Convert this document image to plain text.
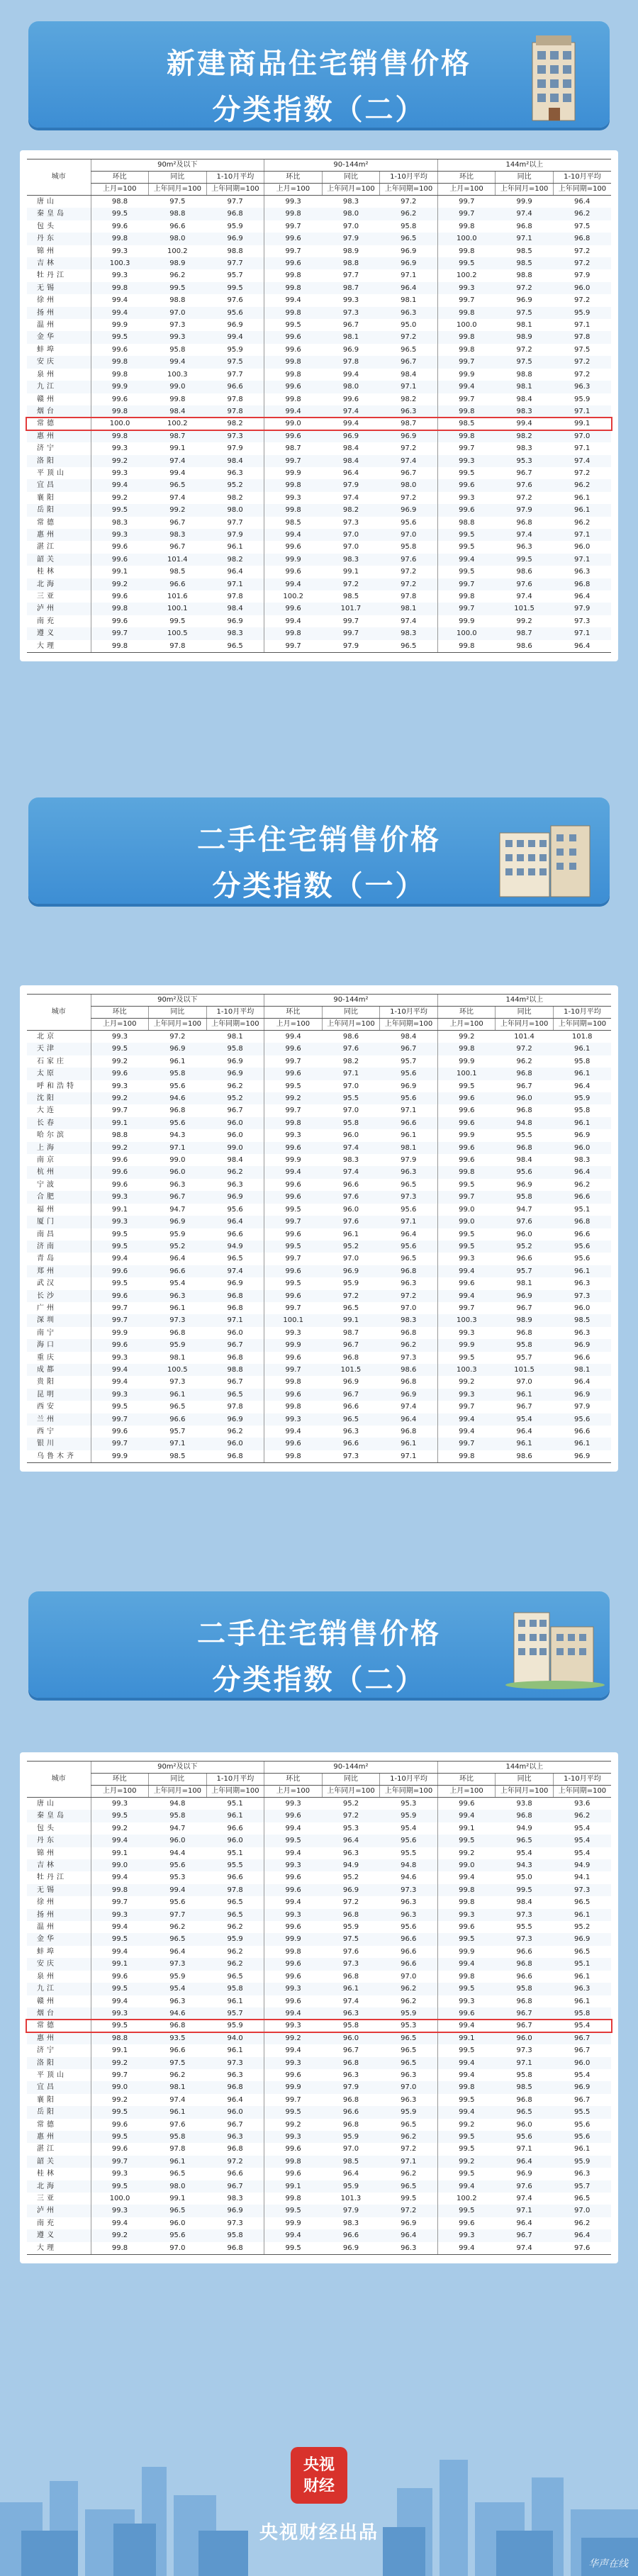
新建商品住宅销售价格
分类指数（二）
城市	90m²及以下			90-144m²			144m²以上		
	环比	同比	1-10月平均	环比	同比	1-10月平均	环比	同比	1-10月平均
	上月=100	上年同月=100	上年同期=100	上月=100	上年同月=100	上年同期=100	上月=100	上年同月=100	上年同期=100
唐山	98.8	97.5	97.7	99.3	98.3	97.2	99.7	99.9	96.4
秦皇岛	99.5	98.8	96.8	99.8	98.0	96.2	99.7	97.4	96.2
包头	99.6	96.6	95.9	99.7	97.0	95.8	99.8	96.8	97.5
丹东	99.8	98.0	96.9	99.6	97.9	96.5	100.0	97.1	96.8
锦州	99.3	100.2	98.8	99.7	98.9	96.9	99.8	98.5	97.2
吉林	100.3	98.9	97.7	99.6	98.8	96.9	99.5	98.5	97.2
牡丹江	99.3	96.2	95.7	99.8	97.7	97.1	100.2	98.8	97.9
无锡	99.8	99.5	99.5	99.8	98.7	96.4	99.3	97.2	96.0
徐州	99.4	98.8	97.6	99.4	99.3	98.1	99.7	96.9	97.2
扬州	99.4	97.0	95.6	99.8	97.3	96.3	99.8	97.5	95.9
温州	99.9	97.3	96.9	99.5	96.7	95.0	100.0	98.1	97.1
金华	99.5	99.3	99.4	99.6	98.1	97.2	99.8	98.9	97.8
蚌埠	99.6	95.8	95.9	99.6	96.9	96.5	99.8	97.2	97.5
安庆	99.8	99.4	97.5	99.8	97.8	96.7	99.7	97.5	97.2
泉州	99.8	100.3	97.7	99.8	99.4	98.4	99.9	98.8	97.2
九江	99.9	99.0	96.6	99.6	98.0	97.1	99.4	98.1	96.3
赣州	99.6	99.8	97.8	99.8	99.6	98.2	99.7	98.4	95.9
烟台	99.8	98.4	97.8	99.4	97.4	96.3	99.8	98.3	97.1
常德	100.0	100.2	98.2	99.0	99.4	98.7	98.5	99.4	99.1
惠州	99.8	98.7	97.3	99.6	96.9	96.9	99.8	98.2	97.0
济宁	99.3	99.1	97.9	98.7	98.4	97.2	99.7	98.3	97.1
洛阳	99.2	97.4	98.4	99.7	98.4	97.4	99.3	95.3	97.4
平顶山	99.3	99.4	96.3	99.9	96.4	96.7	99.5	96.7	97.2
宜昌	99.4	96.5	95.2	99.8	97.9	98.0	99.6	97.6	96.2
襄阳	99.2	97.4	98.2	99.3	97.4	97.2	99.3	97.2	96.1
岳阳	99.5	99.2	98.0	99.8	98.2	96.9	99.6	97.9	96.1
常德	98.3	96.7	97.7	98.5	97.3	95.6	98.8	96.8	96.2
惠州	99.3	98.3	97.9	99.4	97.0	97.0	99.5	97.4	97.1
湛江	99.6	96.7	96.1	99.6	97.0	95.8	99.5	96.3	96.0
韶关	99.6	101.4	98.2	99.9	98.3	97.6	99.4	99.5	97.1
桂林	99.1	98.5	96.4	99.6	99.1	97.2	99.5	98.6	96.3
北海	99.2	96.6	97.1	99.4	97.2	97.2	99.7	97.6	96.8
三亚	99.6	101.6	97.8	100.2	98.5	97.8	99.8	97.4	96.4
泸州	99.8	100.1	98.4	99.6	101.7	98.1	99.7	101.5	97.9
南充	99.6	99.5	96.9	99.4	99.7	97.4	99.9	99.2	97.3
遵义	99.7	100.5	98.3	99.8	99.7	98.3	100.0	98.7	97.1
大理	99.8	97.8	96.5	99.7	97.9	96.5	99.8	98.6	96.4
二手住宅销售价格
分类指数（一）
城市	90m²及以下			90-144m²			144m²以上		
	环比	同比	1-10月平均	环比	同比	1-10月平均	环比	同比	1-10月平均
	上月=100	上年同月=100	上年同期=100	上月=100	上年同月=100	上年同期=100	上月=100	上年同月=100	上年同期=100
北京	99.3	97.2	98.1	99.4	98.6	98.4	99.2	101.4	101.8
天津	99.5	96.9	95.8	99.6	97.6	96.7	99.8	97.2	96.1
石家庄	99.2	96.1	96.9	99.7	98.2	95.7	99.9	96.2	95.8
太原	99.6	95.8	96.9	99.6	97.1	95.6	100.1	96.8	96.1
呼和浩特	99.3	95.6	96.2	99.5	97.0	96.9	99.5	96.7	96.4
沈阳	99.2	94.6	95.2	99.2	95.5	95.6	99.6	96.0	95.9
大连	99.7	96.8	96.7	99.7	97.0	97.1	99.6	96.8	95.8
长春	99.1	95.6	96.0	99.8	95.8	96.6	99.6	94.8	96.1
哈尔滨	98.8	94.3	96.0	99.3	96.0	96.1	99.9	95.5	96.9
上海	99.2	97.1	99.0	99.6	97.4	98.1	99.6	96.8	96.0
南京	99.6	99.0	98.4	99.9	98.3	97.9	99.6	98.4	98.3
杭州	99.6	96.0	96.2	99.4	97.4	96.3	99.8	95.6	96.4
宁波	99.6	96.3	96.3	99.6	96.6	96.5	99.5	96.9	96.2
合肥	99.3	96.7	96.9	99.6	97.6	97.3	99.7	95.8	96.6
福州	99.1	94.7	95.6	99.5	96.0	95.6	99.0	94.7	95.1
厦门	99.3	96.9	96.4	99.7	97.6	97.1	99.0	97.6	96.8
南昌	99.5	95.9	96.6	99.6	96.1	96.4	99.5	96.0	96.6
济南	99.5	95.2	94.9	99.5	95.2	95.6	99.5	95.2	95.6
青岛	99.4	96.4	96.5	99.7	97.0	96.5	99.3	96.6	95.6
郑州	99.6	96.6	97.4	99.6	96.9	96.8	99.4	95.7	96.1
武汉	99.5	95.4	96.9	99.5	95.9	96.3	99.6	98.1	96.3
长沙	99.6	96.3	96.8	99.6	97.2	97.2	99.4	96.9	97.3
广州	99.7	96.1	96.8	99.7	96.5	97.0	99.7	96.7	96.0
深圳	99.7	97.3	97.1	100.1	99.1	98.3	100.3	98.9	98.5
南宁	99.9	96.8	96.0	99.3	98.7	96.8	99.3	96.8	96.3
海口	99.6	95.9	96.7	99.9	96.7	96.2	99.9	95.8	96.9
重庆	99.3	98.1	96.8	99.6	96.8	97.3	99.5	95.7	96.6
成都	99.4	100.5	98.8	99.7	101.5	98.6	100.3	101.5	98.1
贵阳	99.4	97.3	96.7	99.8	96.9	96.8	99.2	97.0	96.4
昆明	99.3	96.1	96.5	99.6	96.7	96.9	99.3	96.1	96.9
西安	99.5	96.5	97.8	99.8	96.6	97.4	99.7	96.7	97.9
兰州	99.7	96.6	96.9	99.3	96.5	96.4	99.4	95.4	95.6
西宁	99.6	95.7	96.2	99.4	96.3	96.8	99.4	96.4	96.6
银川	99.7	97.1	96.0	99.6	96.6	96.1	99.7	96.1	96.1
乌鲁木齐	99.9	98.5	96.8	99.8	97.3	97.1	99.8	98.6	96.9
二手住宅销售价格
分类指数（二）
城市	90m²及以下			90-144m²			144m²以上		
	环比	同比	1-10月平均	环比	同比	1-10月平均	环比	同比	1-10月平均
	上月=100	上年同月=100	上年同期=100	上月=100	上年同月=100	上年同期=100	上月=100	上年同月=100	上年同期=100
唐山	99.3	94.8	95.1	99.3	95.2	95.3	99.6	93.8	93.6
秦皇岛	99.5	95.8	96.1	99.6	97.2	95.9	99.4	96.8	96.2
包头	99.2	94.7	96.6	99.4	95.3	95.4	99.1	94.9	95.4
丹东	99.4	96.0	96.0	99.5	96.4	95.6	99.5	96.5	95.4
锦州	99.1	94.4	95.1	99.4	96.3	95.5	99.2	95.4	95.4
吉林	99.0	95.6	95.5	99.3	94.9	94.8	99.0	94.3	94.9
牡丹江	99.4	95.3	96.6	99.6	95.2	94.6	99.4	95.0	94.1
无锡	99.8	99.4	97.8	99.6	96.9	97.3	99.8	99.5	97.3
徐州	99.7	95.6	96.5	99.4	97.2	96.3	99.8	98.4	96.5
扬州	99.3	97.7	96.5	99.3	96.8	96.3	99.3	97.3	96.1
温州	99.4	96.2	96.2	99.6	95.9	95.6	99.6	95.5	95.2
金华	99.5	96.5	95.9	99.9	97.5	96.6	99.5	97.3	96.9
蚌埠	99.4	96.4	96.2	99.8	97.6	96.6	99.9	96.6	96.5
安庆	99.1	97.3	96.2	99.6	97.3	96.6	99.4	96.8	95.1
泉州	99.6	95.9	96.5	99.6	96.8	97.0	99.8	96.6	96.1
九江	99.5	95.4	95.8	99.3	96.1	96.2	99.5	95.8	96.3
赣州	99.4	96.3	96.1	99.6	97.4	96.2	99.3	96.8	96.1
烟台	99.3	94.6	95.7	99.4	96.3	95.9	99.6	96.7	95.8
常德	99.5	96.8	95.9	99.3	95.8	95.3	99.4	96.7	95.4
惠州	98.8	93.5	94.0	99.2	96.0	96.5	99.1	96.0	96.7
济宁	99.1	96.6	96.1	99.4	96.7	96.5	99.5	97.3	96.7
洛阳	99.2	97.5	97.3	99.3	96.8	96.5	99.4	97.1	96.0
平顶山	99.7	96.2	96.3	99.6	96.3	96.3	99.4	95.8	95.4
宜昌	99.0	98.1	96.8	99.9	97.9	97.0	99.8	98.5	96.9
襄阳	99.2	97.4	96.4	99.7	96.8	96.3	99.5	96.8	96.7
岳阳	99.5	96.1	96.0	99.5	96.6	95.9	99.4	96.5	95.5
常德	99.6	97.6	96.7	99.2	96.8	96.5	99.2	96.0	95.6
惠州	99.5	95.8	96.3	99.3	95.9	96.2	99.5	95.6	95.6
湛江	99.6	97.8	96.8	99.6	97.0	97.2	99.5	97.1	96.1
韶关	99.7	96.1	97.2	99.8	98.5	97.1	99.2	96.4	95.9
桂林	99.3	96.5	96.6	99.6	96.4	96.2	99.5	96.9	96.3
北海	99.5	98.0	96.7	99.1	95.9	96.5	99.4	97.6	95.7
三亚	100.0	99.1	98.3	99.8	101.3	99.5	100.2	97.4	96.5
泸州	99.3	96.5	96.9	99.5	97.9	97.2	99.5	97.1	97.0
南充	99.4	96.0	97.3	99.9	98.3	96.9	99.6	96.4	96.2
遵义	99.2	95.6	95.8	99.4	96.6	96.4	99.3	96.7	96.4
大理	99.8	97.0	96.8	99.5	96.9	96.3	99.4	97.4	97.6
央视
财经
央视财经出品
华声在线
